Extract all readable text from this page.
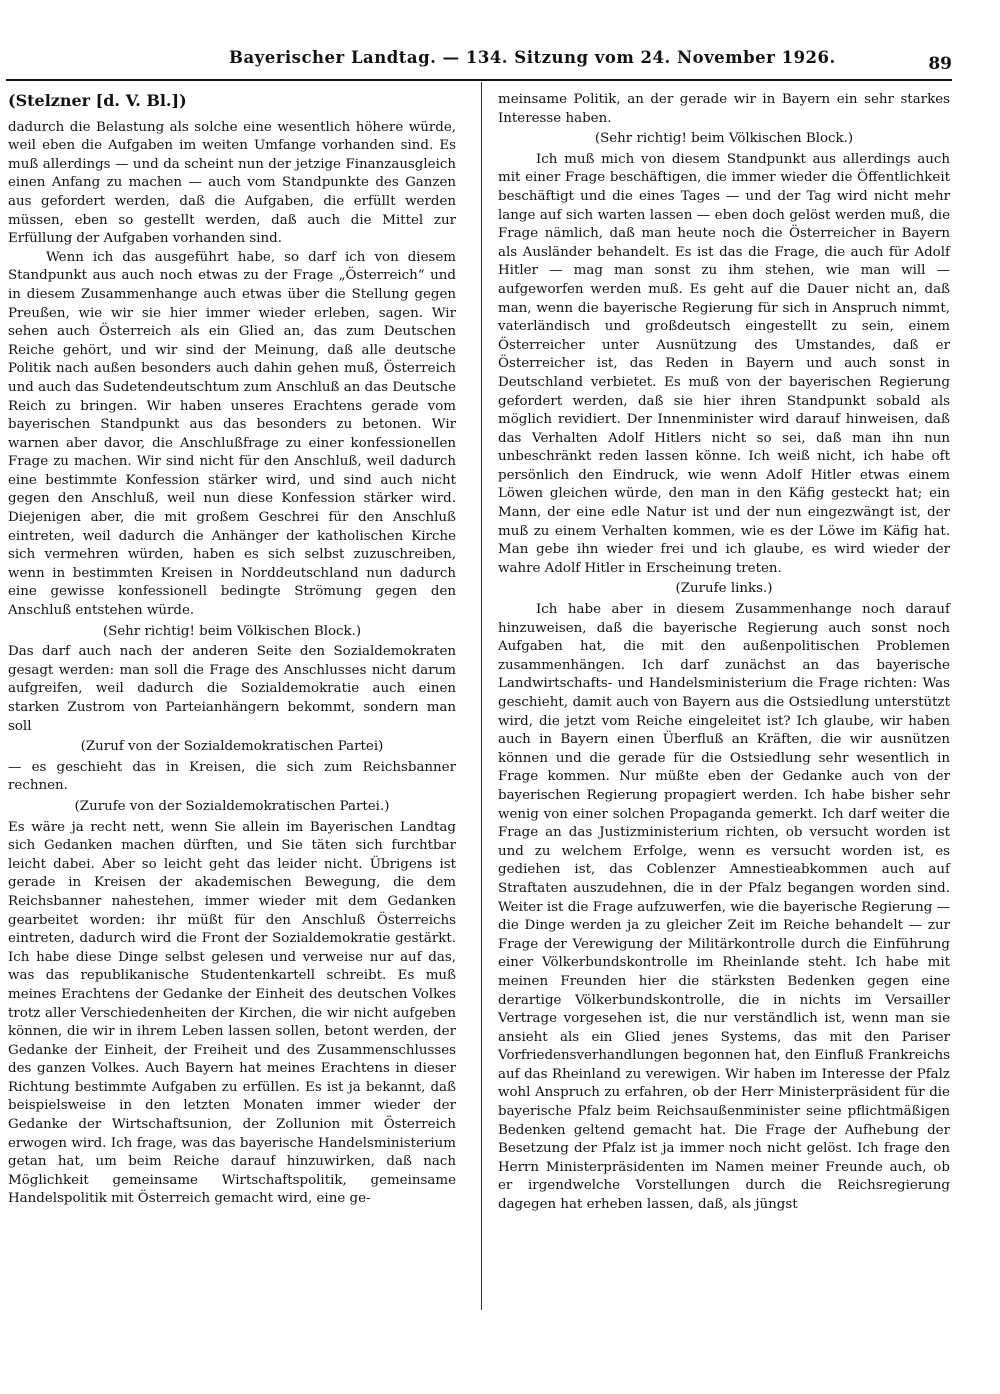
Bayerischer Landtag. — 134. Sitzung vom 24. November 1926.	89

(Stelzner [d. V. Bl.])

dadurch die Belastung als solche eine wesentlich höhere würde, weil eben die Aufgaben im weiten Umfange vorhanden sind. Es muß allerdings — und da scheint nun der jetzige Finanzausgleich einen Anfang zu machen — auch vom Standpunkte des Ganzen aus gefordert werden, daß die Aufgaben, die erfüllt werden müssen, eben so gestellt werden, daß auch die Mittel zur Erfüllung der Aufgaben vorhanden sind.

Wenn ich das ausgeführt habe, so darf ich von diesem Standpunkt aus auch noch etwas zu der Frage „Österreich“ und in diesem Zusammenhange auch etwas über die Stellung gegen Preußen, wie wir sie hier immer wieder erleben, sagen. Wir sehen auch Österreich als ein Glied an, das zum Deutschen Reiche gehört, und wir sind der Meinung, daß alle deutsche Politik nach außen besonders auch dahin gehen muß, Österreich und auch das Sudetendeutschtum zum Anschluß an das Deutsche Reich zu bringen. Wir haben unseres Erachtens gerade vom bayerischen Standpunkt aus das besonders zu betonen. Wir warnen aber davor, die Anschlußfrage zu einer konfessionellen Frage zu machen. Wir sind nicht für den Anschluß, weil dadurch eine bestimmte Konfession stärker wird, und sind auch nicht gegen den Anschluß, weil nun diese Konfession stärker wird. Diejenigen aber, die mit großem Geschrei für den Anschluß eintreten, weil dadurch die Anhänger der katholischen Kirche sich vermehren würden, haben es sich selbst zuzuschreiben, wenn in bestimmten Kreisen in Norddeutschland nun dadurch eine gewisse konfessionell bedingte Strömung gegen den Anschluß entstehen würde.

(Sehr richtig! beim Völkischen Block.)

Das darf auch nach der anderen Seite den Sozialdemokraten gesagt werden: man soll die Frage des Anschlusses nicht darum aufgreifen, weil dadurch die Sozialdemokratie auch einen starken Zustrom von Parteianhängern bekommt, sondern man soll

(Zuruf von der Sozialdemokratischen Partei)

— es geschieht das in Kreisen, die sich zum Reichsbanner rechnen.

(Zurufe von der Sozialdemokratischen Partei.)

Es wäre ja recht nett, wenn Sie allein im Bayerischen Landtag sich Gedanken machen dürften, und Sie täten sich furchtbar leicht dabei. Aber so leicht geht das leider nicht. Übrigens ist gerade in Kreisen der akademischen Bewegung, die dem Reichsbanner nahestehen, immer wieder mit dem Gedanken gearbeitet worden: ihr müßt für den Anschluß Österreichs eintreten, dadurch wird die Front der Sozialdemokratie gestärkt. Ich habe diese Dinge selbst gelesen und verweise nur auf das, was das republikanische Studentenkartell schreibt. Es muß meines Erachtens der Gedanke der Einheit des deutschen Volkes trotz aller Verschiedenheiten der Kirchen, die wir nicht aufgeben können, die wir in ihrem Leben lassen sollen, betont werden, der Gedanke der Einheit, der Freiheit und des Zusammenschlusses des ganzen Volkes. Auch Bayern hat meines Erachtens in dieser Richtung bestimmte Aufgaben zu erfüllen. Es ist ja bekannt, daß beispielsweise in den letzten Monaten immer wieder der Gedanke der Wirtschaftsunion, der Zollunion mit Österreich erwogen wird. Ich frage, was das bayerische Handelsministerium getan hat, um beim Reiche darauf hinzuwirken, daß nach Möglichkeit gemeinsame Wirtschaftspolitik, gemeinsame Handelspolitik mit Österreich gemacht wird, eine ge-

meinsame Politik, an der gerade wir in Bayern ein sehr starkes Interesse haben.

(Sehr richtig! beim Völkischen Block.)

Ich muß mich von diesem Standpunkt aus allerdings auch mit einer Frage beschäftigen, die immer wieder die Öffentlichkeit beschäftigt und die eines Tages — und der Tag wird nicht mehr lange auf sich warten lassen — eben doch gelöst werden muß, die Frage nämlich, daß man heute noch die Österreicher in Bayern als Ausländer behandelt. Es ist das die Frage, die auch für Adolf Hitler — mag man sonst zu ihm stehen, wie man will — aufgeworfen werden muß. Es geht auf die Dauer nicht an, daß man, wenn die bayerische Regierung für sich in Anspruch nimmt, vaterländisch und großdeutsch eingestellt zu sein, einem Österreicher unter Ausnützung des Umstandes, daß er Österreicher ist, das Reden in Bayern und auch sonst in Deutschland verbietet. Es muß von der bayerischen Regierung gefordert werden, daß sie hier ihren Standpunkt sobald als möglich revidiert. Der Innenminister wird darauf hinweisen, daß das Verhalten Adolf Hitlers nicht so sei, daß man ihn nun unbeschränkt reden lassen könne. Ich weiß nicht, ich habe oft persönlich den Eindruck, wie wenn Adolf Hitler etwas einem Löwen gleichen würde, den man in den Käfig gesteckt hat; ein Mann, der eine edle Natur ist und der nun eingezwängt ist, der muß zu einem Verhalten kommen, wie es der Löwe im Käfig hat. Man gebe ihn wieder frei und ich glaube, es wird wieder der wahre Adolf Hitler in Erscheinung treten.

(Zurufe links.)

Ich habe aber in diesem Zusammenhange noch darauf hinzuweisen, daß die bayerische Regierung auch sonst noch Aufgaben hat, die mit den außenpolitischen Problemen zusammenhängen. Ich darf zunächst an das bayerische Landwirtschafts- und Handelsministerium die Frage richten: Was geschieht, damit auch von Bayern aus die Ostsiedlung unterstützt wird, die jetzt vom Reiche eingeleitet ist? Ich glaube, wir haben auch in Bayern einen Überfluß an Kräften, die wir ausnützen können und die gerade für die Ostsiedlung sehr wesentlich in Frage kommen. Nur müßte eben der Gedanke auch von der bayerischen Regierung propagiert werden. Ich habe bisher sehr wenig von einer solchen Propaganda gemerkt. Ich darf weiter die Frage an das Justizministerium richten, ob versucht worden ist und zu welchem Erfolge, wenn es versucht worden ist, es gediehen ist, das Coblenzer Amnestieabkommen auch auf Straftaten auszudehnen, die in der Pfalz begangen worden sind. Weiter ist die Frage aufzuwerfen, wie die bayerische Regierung — die Dinge werden ja zu gleicher Zeit im Reiche behandelt — zur Frage der Verewigung der Militärkontrolle durch die Einführung einer Völkerbundskontrolle im Rheinlande steht. Ich habe mit meinen Freunden hier die stärksten Bedenken gegen eine derartige Völkerbundskontrolle, die in nichts im Versailler Vertrage vorgesehen ist, die nur verständlich ist, wenn man sie ansieht als ein Glied jenes Systems, das mit den Pariser Vorfriedensverhandlungen begonnen hat, den Einfluß Frankreichs auf das Rheinland zu verewigen. Wir haben im Interesse der Pfalz wohl Anspruch zu erfahren, ob der Herr Ministerpräsident für die bayerische Pfalz beim Reichsaußenminister seine pflichtmäßigen Bedenken geltend gemacht hat. Die Frage der Aufhebung der Besetzung der Pfalz ist ja immer noch nicht gelöst. Ich frage den Herrn Ministerpräsidenten im Namen meiner Freunde auch, ob er irgendwelche Vorstellungen durch die Reichsregierung dagegen hat erheben lassen, daß, als jüngst
